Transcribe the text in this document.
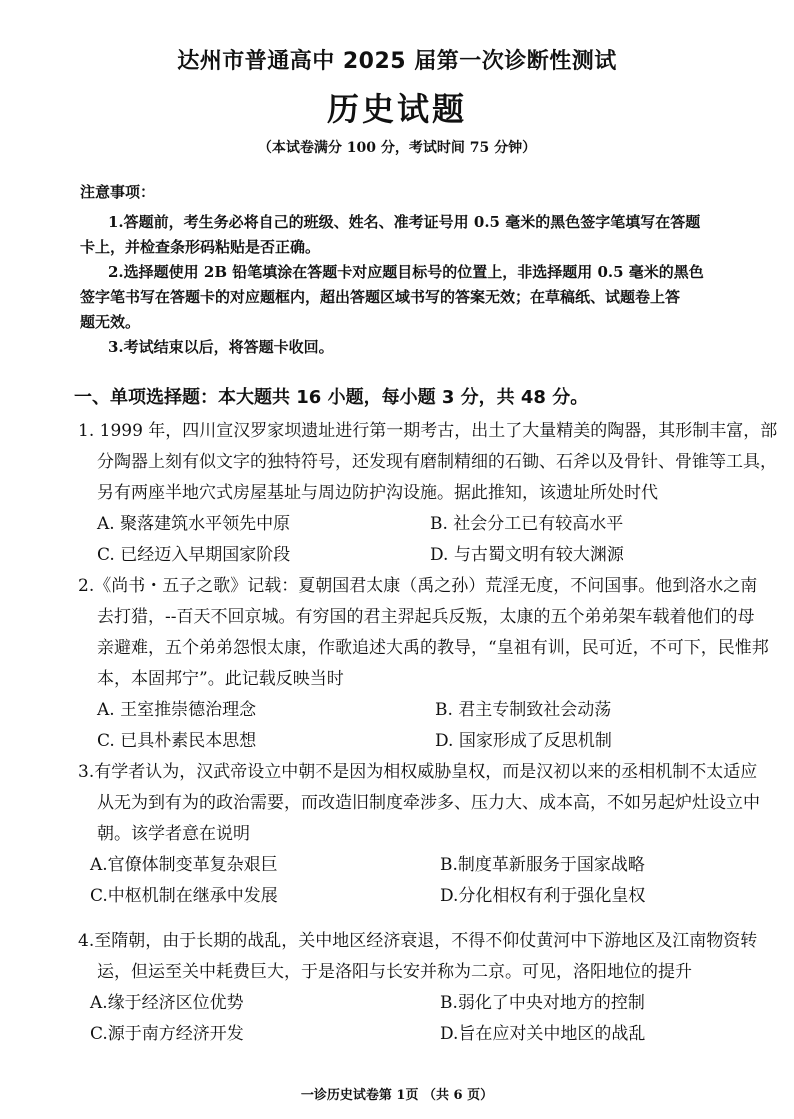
达州市普通高中 2025 届第一次诊断性测试
历史试题
（本试卷满分 100 分，考试时间 75 分钟）
注意事项：
1.答题前，考生务必将自己的班级、姓名、准考证号用 0.5 毫米的黑色签字笔填写在答题
卡上，并检查条形码粘贴是否正确。
2.选择题使用 2B 铅笔填涂在答题卡对应题目标号的位置上，非选择题用 0.5 毫米的黑色
签字笔书写在答题卡的对应题框内，超出答题区域书写的答案无效；在草稿纸、试题卷上答
题无效。
3.考试结束以后，将答题卡收回。
一、单项选择题：本大题共 16 小题，每小题 3 分，共 48 分。
1. 1999 年，四川宣汉罗家坝遗址进行第一期考古，出土了大量精美的陶器，其形制丰富，部
分陶器上刻有似文字的独特符号，还发现有磨制精细的石锄、石斧以及骨针、骨锥等工具，
另有两座半地穴式房屋基址与周边防护沟设施。据此推知，该遗址所处时代
A. 聚落建筑水平领先中原	B. 社会分工已有较高水平
C. 已经迈入早期国家阶段	D. 与古蜀文明有较大渊源
2.《尚书・五子之歌》记载：夏朝国君太康（禹之孙）荒淫无度，不问国事。他到洛水之南
去打猎，--百天不回京城。有穷国的君主羿起兵反叛，太康的五个弟弟架车载着他们的母
亲避难，五个弟弟怨恨太康，作歌追述大禹的教导，“皇祖有训，民可近，不可下，民惟邦
本，本固邦宁”。此记载反映当时
A. 王室推崇德治理念	B. 君主专制致社会动荡
C. 已具朴素民本思想	D. 国家形成了反思机制
3.有学者认为，汉武帝设立中朝不是因为相权威胁皇权，而是汉初以来的丞相机制不太适应
从无为到有为的政治需要，而改造旧制度牵涉多、压力大、成本高，不如另起炉灶设立中
朝。该学者意在说明
A.官僚体制变革复杂艰巨	B.制度革新服务于国家战略
C.中枢机制在继承中发展	D.分化相权有利于强化皇权
4.至隋朝，由于长期的战乱，关中地区经济衰退，不得不仰仗黄河中下游地区及江南物资转
运，但运至关中耗费巨大，于是洛阳与长安并称为二京。可见，洛阳地位的提升
A.缘于经济区位优势	B.弱化了中央对地方的控制
C.源于南方经济开发	D.旨在应对关中地区的战乱
一诊历史试卷第 1页 （共 6 页）
